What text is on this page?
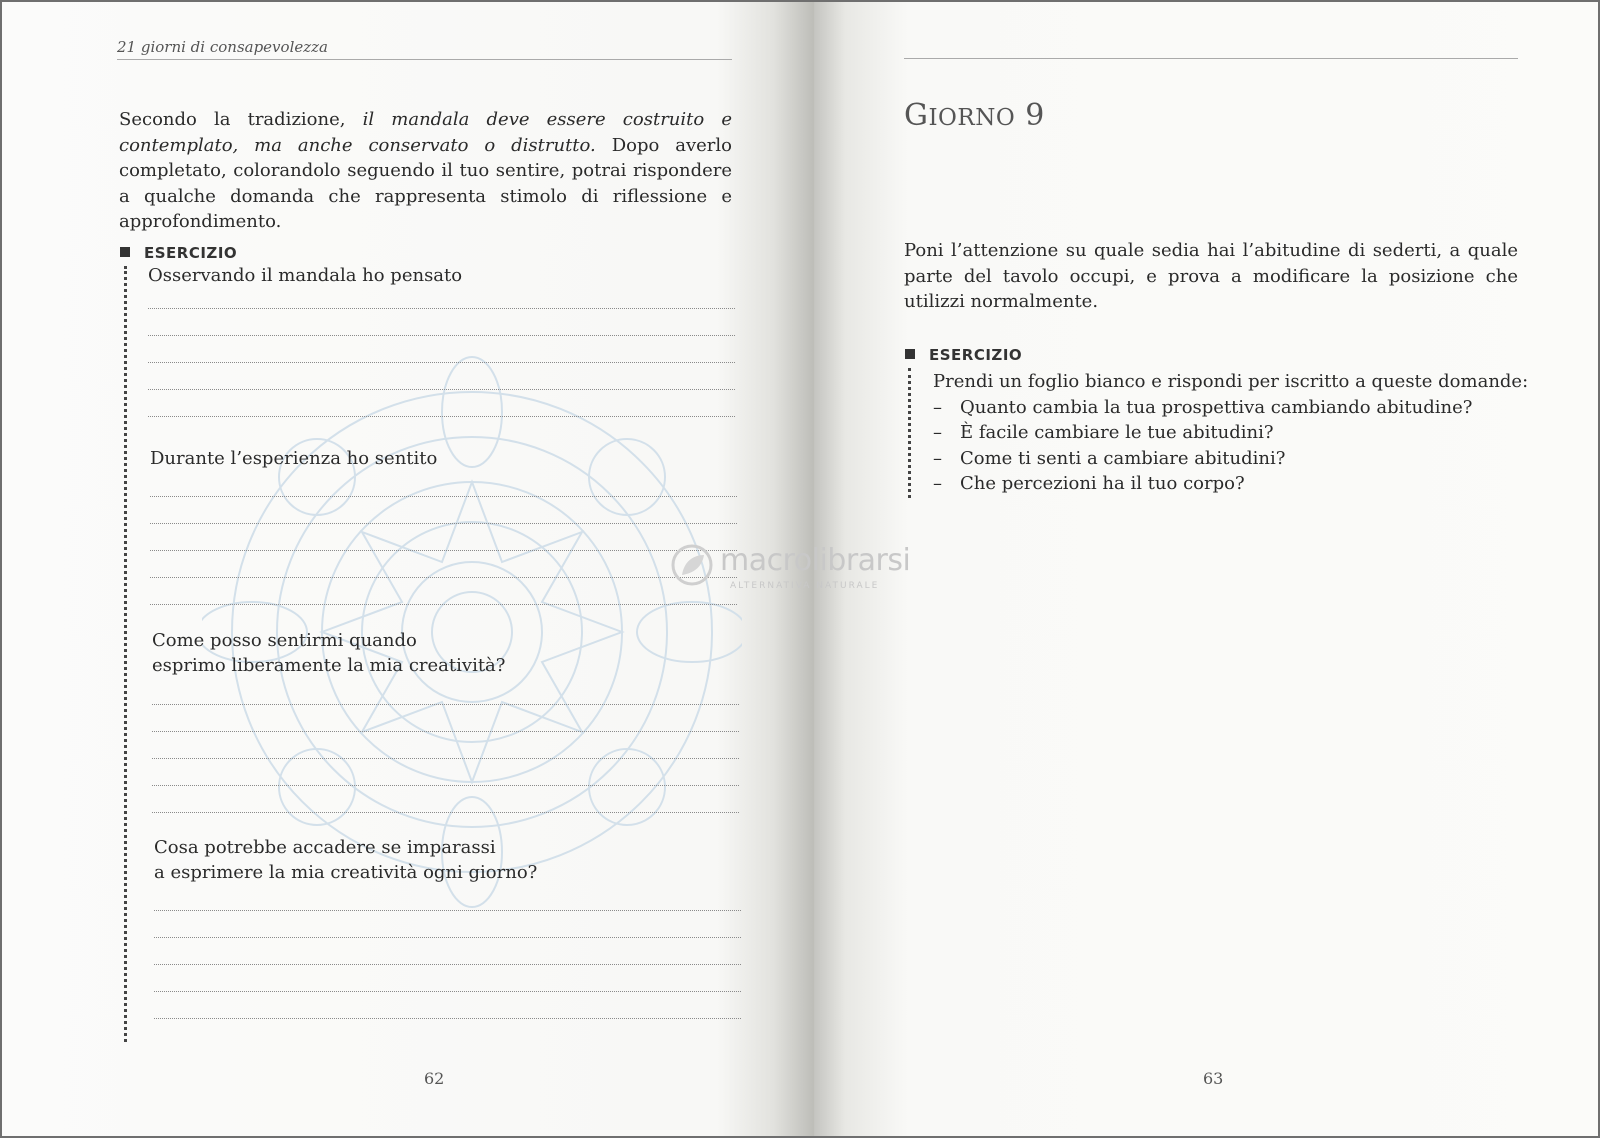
21 giorni di consapevolezza
Secondo la tradizione, il mandala deve essere costruito e contemplato, ma anche conservato o distrutto. Dopo averlo completato, colorandolo seguendo il tuo sentire, potrai rispondere a qualche domanda che rappresenta stimolo di riflessione e approfondimento.
ESERCIZIO
Osservando il mandala ho pensato
Durante l’esperienza ho sentito
Come posso sentirmi quando
esprimo liberamente la mia creatività?
Cosa potrebbe accadere se imparassi
a esprimere la mia creatività ogni giorno?
62
GIORNO 9
Poni l’attenzione su quale sedia hai l’abitudine di sederti, a quale parte del tavolo occupi, e prova a modificare la posizione che utilizzi normalmente.
ESERCIZIO
Prendi un foglio bianco e rispondi per iscritto a queste domande:
– Quanto cambia la tua prospettiva cambiando abitudine?
– È facile cambiare le tue abitudini?
– Come ti senti a cambiare abitudini?
– Che percezioni ha il tuo corpo?
63
macrolibrarsi
ALTERNATIVA NATURALE
